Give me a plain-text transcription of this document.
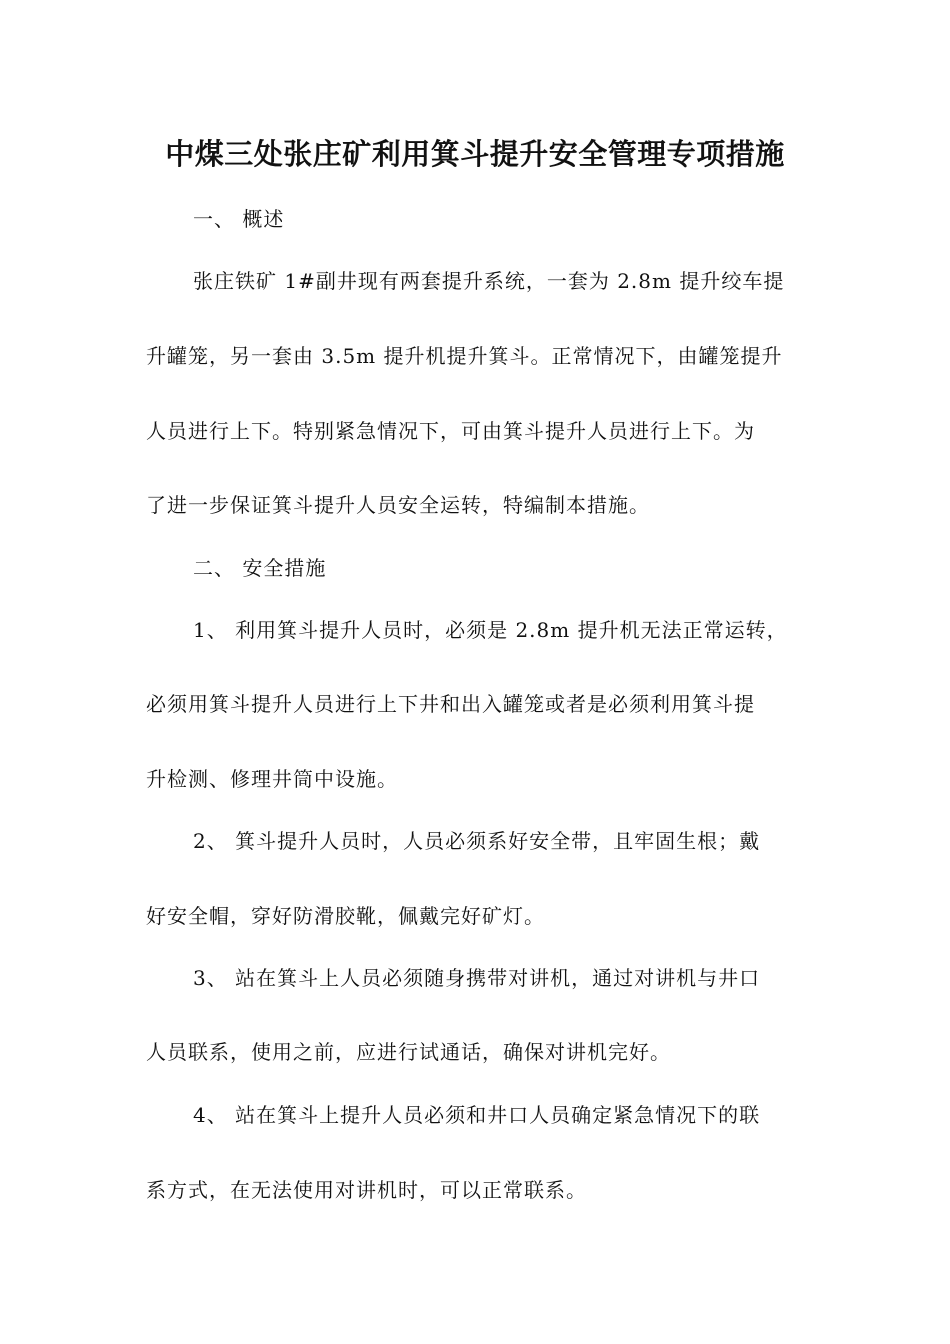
中煤三处张庄矿利用箕斗提升安全管理专项措施
一、 概述
张庄铁矿 1#副井现有两套提升系统，一套为 2.8m 提升绞车提
升罐笼，另一套由 3.5m 提升机提升箕斗。正常情况下，由罐笼提升
人员进行上下。特别紧急情况下，可由箕斗提升人员进行上下。为
了进一步保证箕斗提升人员安全运转，特编制本措施。
二、 安全措施
1、 利用箕斗提升人员时，必须是 2.8m 提升机无法正常运转，
必须用箕斗提升人员进行上下井和出入罐笼或者是必须利用箕斗提
升检测、修理井筒中设施。
2、 箕斗提升人员时，人员必须系好安全带，且牢固生根；戴
好安全帽，穿好防滑胶靴，佩戴完好矿灯。
3、 站在箕斗上人员必须随身携带对讲机，通过对讲机与井口
人员联系，使用之前，应进行试通话，确保对讲机完好。
4、 站在箕斗上提升人员必须和井口人员确定紧急情况下的联
系方式，在无法使用对讲机时，可以正常联系。
